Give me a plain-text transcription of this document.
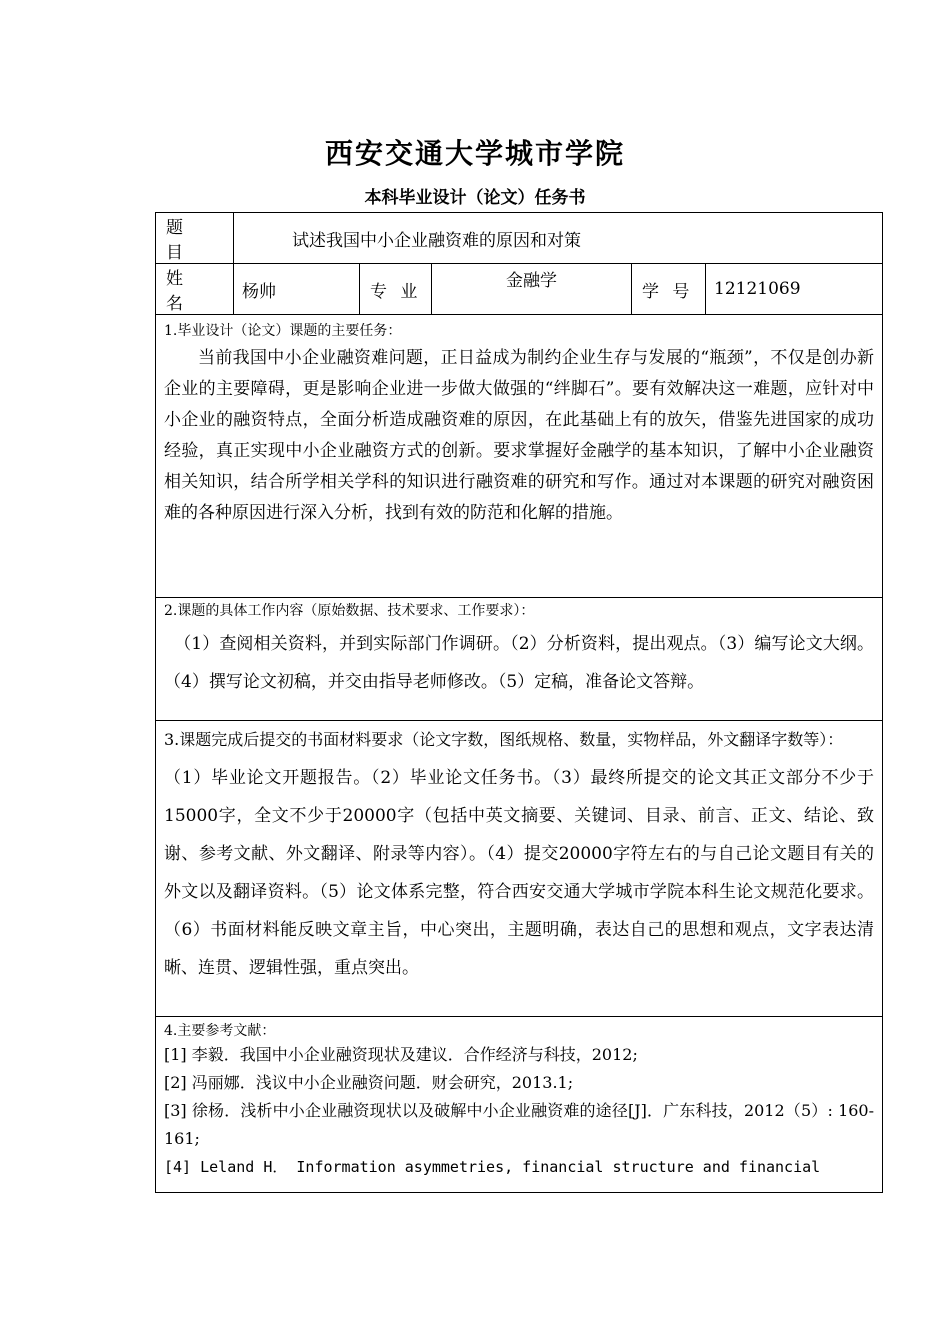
西安交通大学城市学院
本科毕业设计（论文）任务书
题　目	试述我国中小企业融资难的原因和对策				
姓　名	杨帅	专 业	金融学	学 号	12121069

1.毕业设计（论文）课题的主要任务：
当前我国中小企业融资难问题，正日益成为制约企业生存与发展的“瓶颈”，不仅是创办新企业的主要障碍，更是影响企业进一步做大做强的“绊脚石”。要有效解决这一难题，应针对中小企业的融资特点，全面分析造成融资难的原因，在此基础上有的放矢，借鉴先进国家的成功经验，真正实现中小企业融资方式的创新。要求掌握好金融学的基本知识，了解中小企业融资相关知识，结合所学相关学科的知识进行融资难的研究和写作。通过对本课题的研究对融资困难的各种原因进行深入分析，找到有效的防范和化解的措施。					

2.课题的具体工作内容（原始数据、技术要求、工作要求）：
（1）查阅相关资料，并到实际部门作调研。（2）分析资料，提出观点。（3）编写论文大纲。（4）撰写论文初稿，并交由指导老师修改。（5）定稿，准备论文答辩。					

3.课题完成后提交的书面材料要求（论文字数，图纸规格、数量，实物样品，外文翻译字数等）：
（1）毕业论文开题报告。（2）毕业论文任务书。（3）最终所提交的论文其正文部分不少于15000字，全文不少于20000字（包括中英文摘要、关键词、目录、前言、正文、结论、致谢、参考文献、外文翻译、附录等内容）。（4）提交20000字符左右的与自己论文题目有关的外文以及翻译资料。（5）论文体系完整，符合西安交通大学城市学院本科生论文规范化要求。（6）书面材料能反映文章主旨，中心突出，主题明确，表达自己的思想和观点，文字表达清晰、连贯、逻辑性强，重点突出。					

4.主要参考文献：
[1] 李毅．我国中小企业融资现状及建议．合作经济与科技，2012;
[2] 冯丽娜．浅议中小企业融资问题．财会研究，2013.1;
[3] 徐杨．浅析中小企业融资现状以及破解中小企业融资难的途径[J]．广东科技，2012（5）: 160-161;
[4] Leland H． Information asymmetries, financial structure and financial					
